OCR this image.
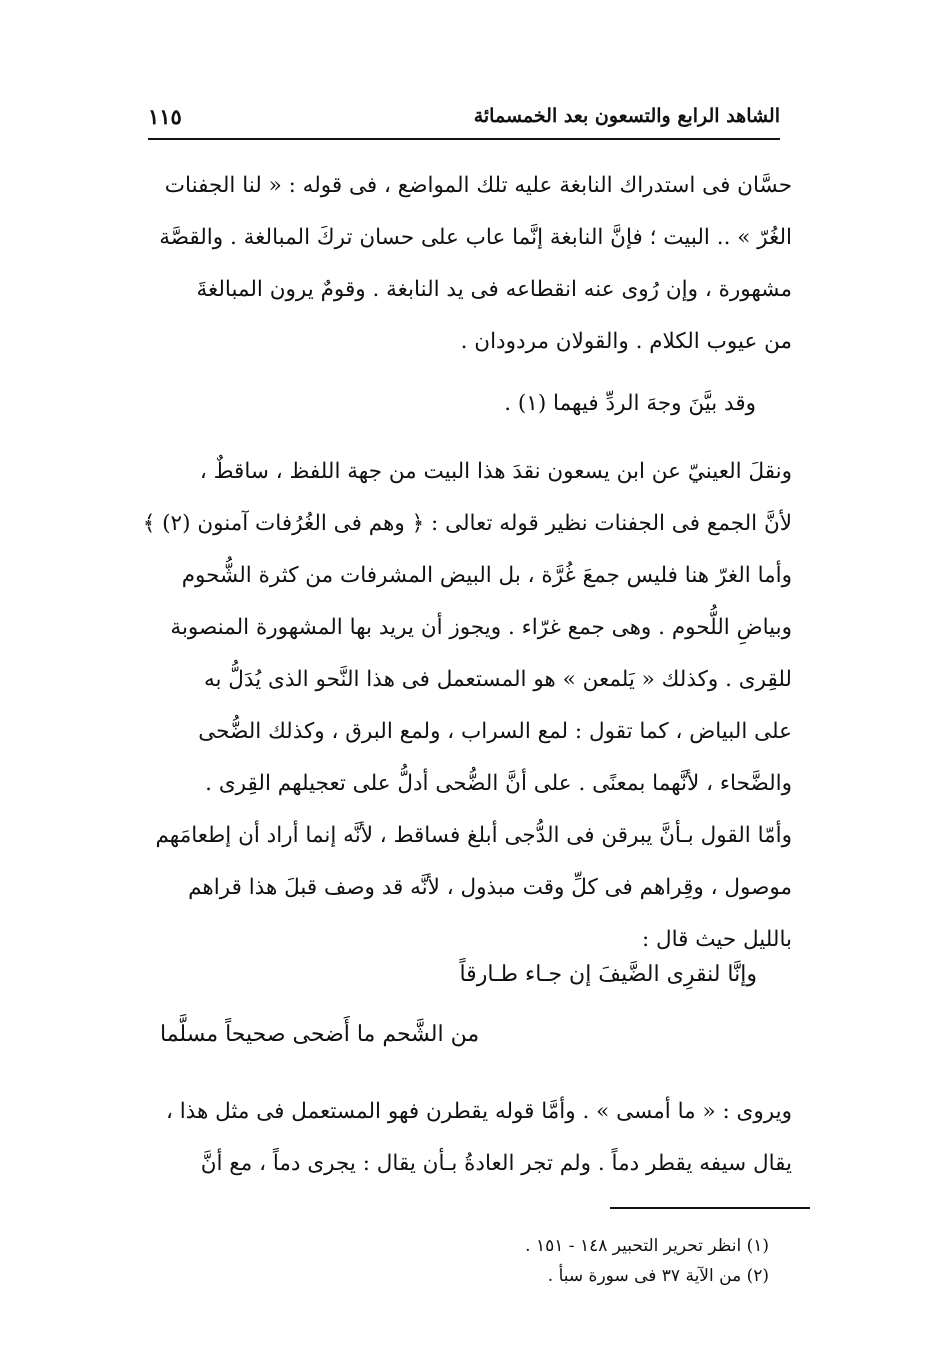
الشاهد الرابع والتسعون بعد الخمسمائة
١١٥
حسَّان فى استدراك النابغة عليه تلك المواضع ، فى قوله : « لنا الجفنات
الغُرّ » .. البيت ؛ فإنَّ النابغة إنَّما عاب على حسان تركَ المبالغة . والقصَّة
مشهورة ، وإن رُوى عنه انقطاعه فى يد النابغة . وقومٌ يرون المبالغةَ
من عيوب الكلام . والقولان مردودان .
وقد بيَّنَ وجهَ الردِّ فيهما (١) .
ونقلَ العينيّ عن ابن يسعون نقدَ هذا البيت من جهة اللفظ ، ساقطٌ ،
لأنَّ الجمع فى الجفنات نظير قوله تعالى : ﴿ وهم فى الغُرُفات آمنون (٢) ﴾
وأما الغرّ هنا فليس جمعَ غُرَّة ، بل البيض المشرفات من كثرة الشُّحوم
وبياضِ اللُّحوم . وهى جمع غرّاء . ويجوز أن يريد بها المشهورة المنصوبة
للقِرى . وكذلك « يَلمعن » هو المستعمل فى هذا النَّحو الذى يُدَلُّ به
على البياض ، كما تقول : لمع السراب ، ولمع البرق ، وكذلك الضُّحى
والضَّحاء ، لأنَّهما بمعنًى . على أنَّ الضُّحى أدلُّ على تعجيلهم القِرى .
وأمّا القول بـأنَّ يبرقن فى الدُّجى أبلغ فساقط ، لأنَّه إنما أراد أن إطعامَهم
موصول ، وقِراهم فى كلِّ وقت مبذول ، لأنَّه قد وصف قبلَ هذا قراهم
بالليل حيث قال :
وإنَّا لنقرِى الضَّيفَ إن جـاء طـارقاً
من الشَّحم ما أَضحى صحيحاً مسلَّما
ويروى : « ما أمسى » . وأمَّا قوله يقطرن فهو المستعمل فى مثل هذا ،
يقال سيفه يقطر دماً . ولم تجر العادةُ بـأن يقال : يجرى دماً ، مع أنَّ
(١) انظر تحرير التحبير ١٤٨ - ١٥١ .
(٢) من الآية ٣٧ فى سورة سبأ .
